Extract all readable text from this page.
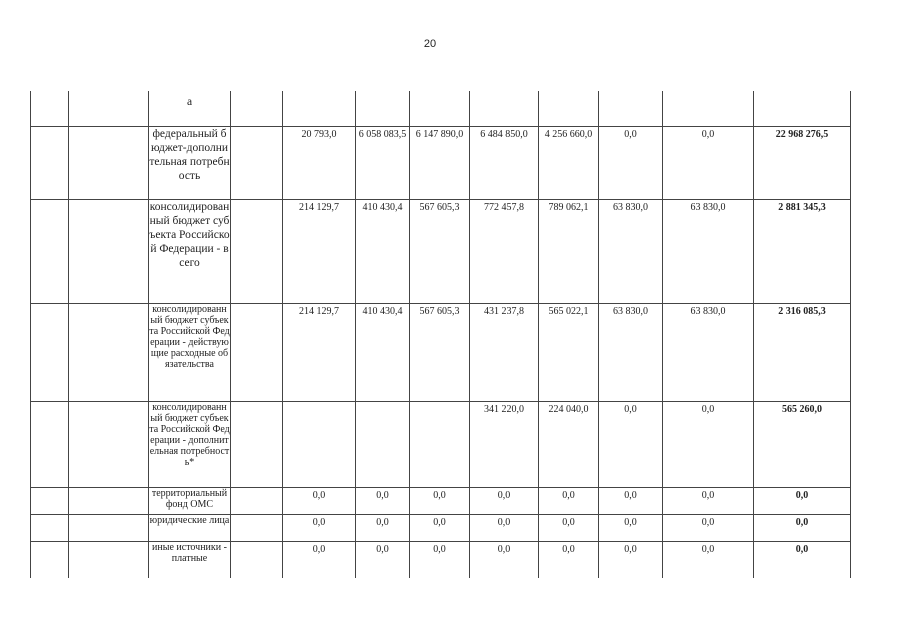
20
		а									
		федеральный бюджет-дополнительная потребность		20 793,0	6 058 083,5	6 147 890,0	6 484 850,0	4 256 660,0	0,0	0,0	22 968 276,5
		консолидированный бюджет субъекта Российской Федерации - всего		214 129,7	410 430,4	567 605,3	772 457,8	789 062,1	63 830,0	63 830,0	2 881 345,3
		консолидированный бюджет субъекта Российской Федерации - действующие расходные обязательства		214 129,7	410 430,4	567 605,3	431 237,8	565 022,1	63 830,0	63 830,0	2 316 085,3
		консолидированный бюджет субъекта Российской Федерации - дополнительная потребность*					341 220,0	224 040,0	0,0	0,0	565 260,0
		территориальный фонд ОМС		0,0	0,0	0,0	0,0	0,0	0,0	0,0	0,0
		юридические лица		0,0	0,0	0,0	0,0	0,0	0,0	0,0	0,0
		иные источники - платные		0,0	0,0	0,0	0,0	0,0	0,0	0,0	0,0
